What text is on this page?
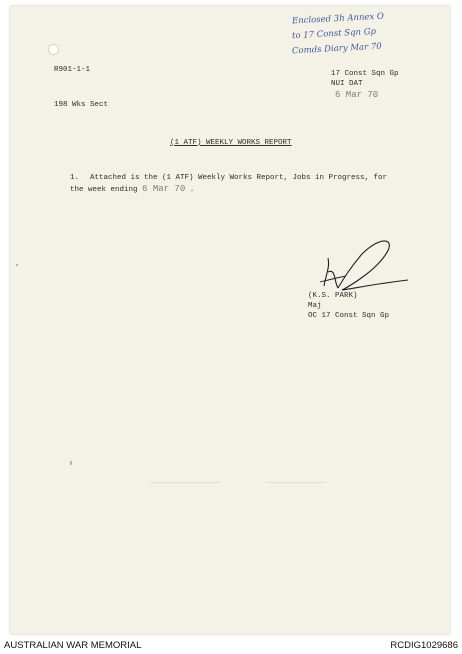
Enclosed 3h Annex O
to 17 Const Sqn Gp
Comds Diary Mar 70
R901-1-1	17 Const Sqn Gp
NUI DAT
6 Mar 70
198 Wks Sect
(1 ATF) WEEKLY WORKS REPORT
1. Attached is the (1 ATF) Weekly Works Report, Jobs in Progress, for
the week ending 6 Mar 70 .
(K.S. PARK)
Maj
OC 17 Const Sqn Gp
AUSTRALIAN WAR MEMORIAL	RCDIG1029686
